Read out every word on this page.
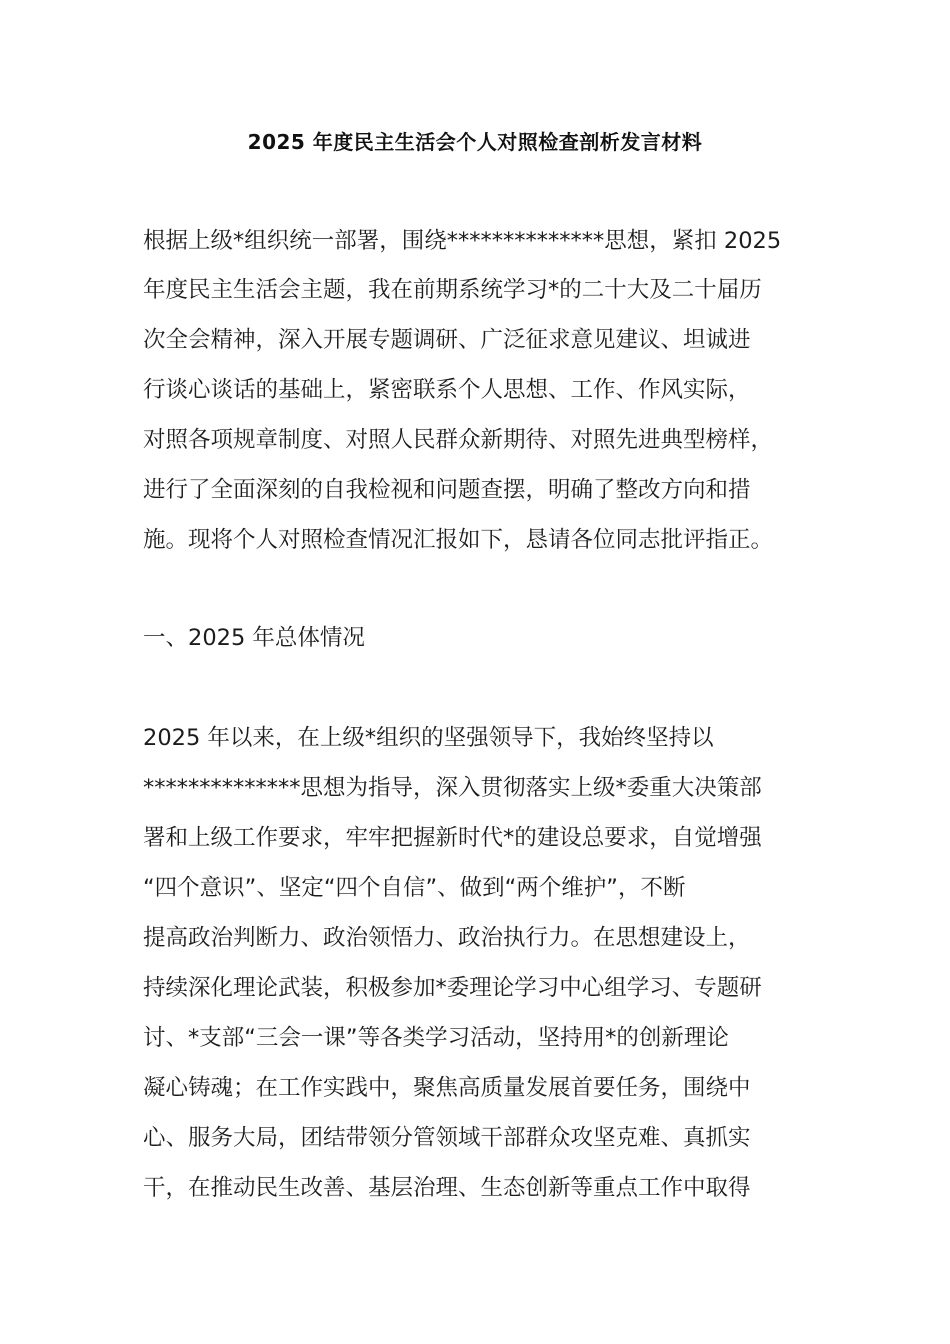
2025 年度民主生活会个人对照检查剖析发言材料
根据上级*组织统一部署，围绕**************思想，紧扣 2025
年度民主生活会主题，我在前期系统学习*的二十大及二十届历
次全会精神，深入开展专题调研、广泛征求意见建议、坦诚进
行谈心谈话的基础上，紧密联系个人思想、工作、作风实际，
对照各项规章制度、对照人民群众新期待、对照先进典型榜样，
进行了全面深刻的自我检视和问题查摆，明确了整改方向和措
施。现将个人对照检查情况汇报如下，恳请各位同志批评指正。
一、2025 年总体情况
2025 年以来，在上级*组织的坚强领导下，我始终坚持以
**************思想为指导，深入贯彻落实上级*委重大决策部
署和上级工作要求，牢牢把握新时代*的建设总要求，自觉增强
“四个意识”、坚定“四个自信”、做到“两个维护”，不断
提高政治判断力、政治领悟力、政治执行力。在思想建设上，
持续深化理论武装，积极参加*委理论学习中心组学习、专题研
讨、*支部“三会一课”等各类学习活动，坚持用*的创新理论
凝心铸魂；在工作实践中，聚焦高质量发展首要任务，围绕中
心、服务大局，团结带领分管领域干部群众攻坚克难、真抓实
干，在推动民生改善、基层治理、生态创新等重点工作中取得
